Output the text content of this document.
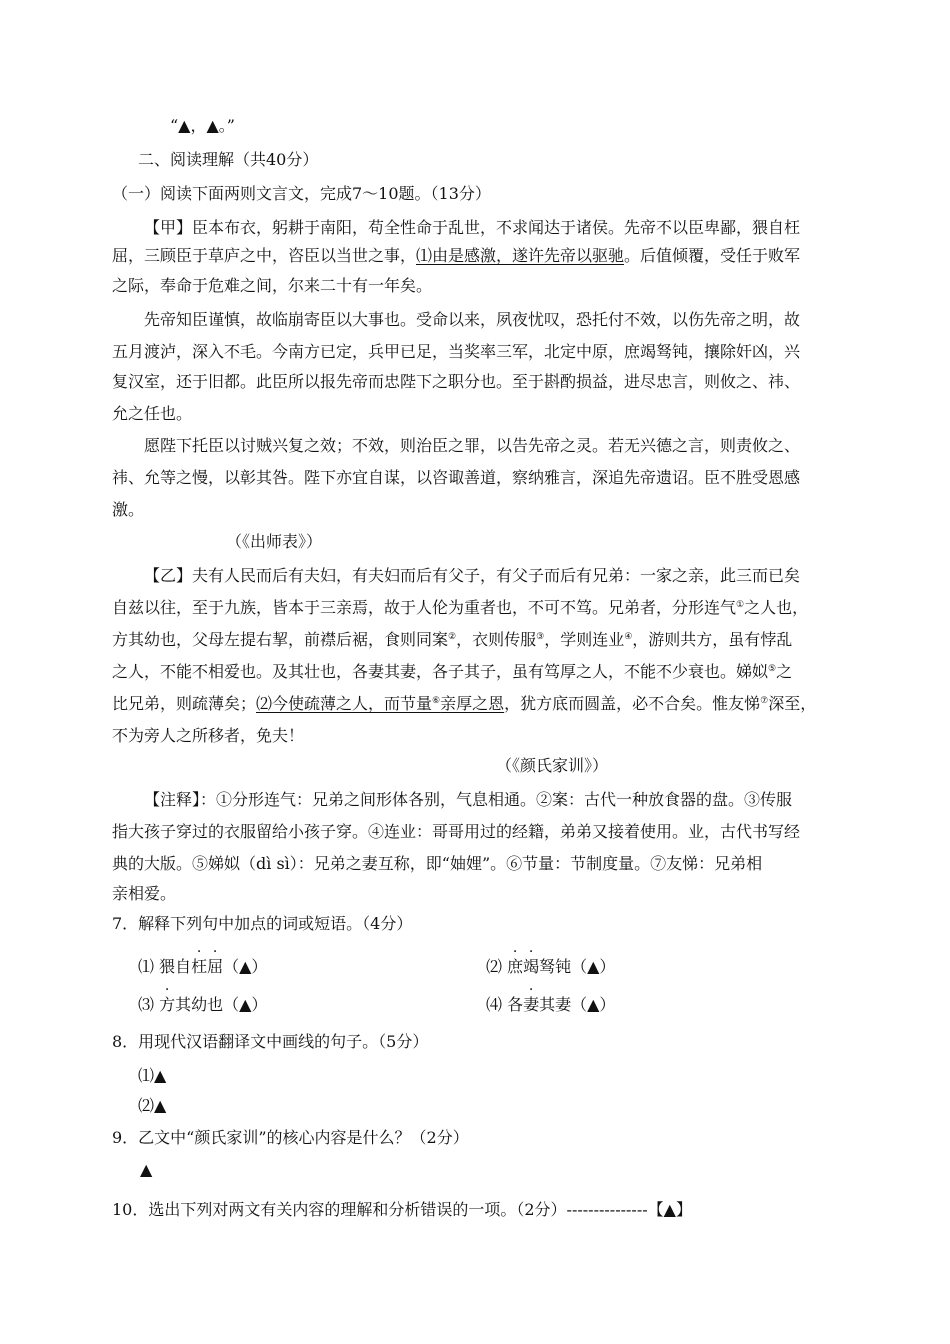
“▲，▲。”
二、阅读理解（共40分）
（一）阅读下面两则文言文，完成7～10题。（13分）
【甲】臣本布衣，躬耕于南阳，苟全性命于乱世，不求闻达于诸侯。先帝不以臣卑鄙，猥自枉
屈，三顾臣于草庐之中，咨臣以当世之事，⑴由是感激，遂许先帝以驱驰。后值倾覆，受任于败军
之际，奉命于危难之间，尔来二十有一年矣。
先帝知臣谨慎，故临崩寄臣以大事也。受命以来，夙夜忧叹，恐托付不效，以伤先帝之明，故
五月渡泸，深入不毛。今南方已定，兵甲已足，当奖率三军，北定中原，庶竭驽钝，攘除奸凶，兴
复汉室，还于旧都。此臣所以报先帝而忠陛下之职分也。至于斟酌损益，进尽忠言，则攸之、祎、
允之任也。
愿陛下托臣以讨贼兴复之效；不效，则治臣之罪，以告先帝之灵。若无兴德之言，则责攸之、
祎、允等之慢，以彰其咎。陛下亦宜自谋，以咨诹善道，察纳雅言，深追先帝遗诏。臣不胜受恩感
激。
（《出师表》）
【乙】夫有人民而后有夫妇，有夫妇而后有父子，有父子而后有兄弟：一家之亲，此三而已矣
自兹以往，至于九族，皆本于三亲焉，故于人伦为重者也，不可不笃。兄弟者，分形连气①之人也，
方其幼也，父母左提右挈，前襟后裾，食则同案②，衣则传服③，学则连业④，游则共方，虽有悖乱
之人，不能不相爱也。及其壮也，各妻其妻，各子其子，虽有笃厚之人，不能不少衰也。娣姒⑤之
比兄弟，则疏薄矣；⑵今使疏薄之人，而节量⑥亲厚之恩，犹方底而圆盖，必不合矣。惟友悌⑦深至，
不为旁人之所移者，免夫！
（《颜氏家训》）
【注释】：①分形连气：兄弟之间形体各别，气息相通。②案：古代一种放食器的盘。③传服
指大孩子穿过的衣服留给小孩子穿。④连业：哥哥用过的经籍，弟弟又接着使用。业，古代书写经
典的大版。⑤娣姒（dì sì）：兄弟之妻互称，即“妯娌”。⑥节量：节制度量。⑦友悌：兄弟相
亲相爱。
7．解释下列句中加点的词或短语。（4分）
⑴ 猥自枉屈（▲）	⑵ 庶竭驽钝（▲）
⑶ 方其幼也（▲）	⑷ 各妻其妻（▲）
8．用现代汉语翻译文中画线的句子。（5分）
⑴▲
⑵▲
9．乙文中“颜氏家训”的核心内容是什么？（2分）
▲
10．选出下列对两文有关内容的理解和分析错误的一项。（2分）---------------【▲】
